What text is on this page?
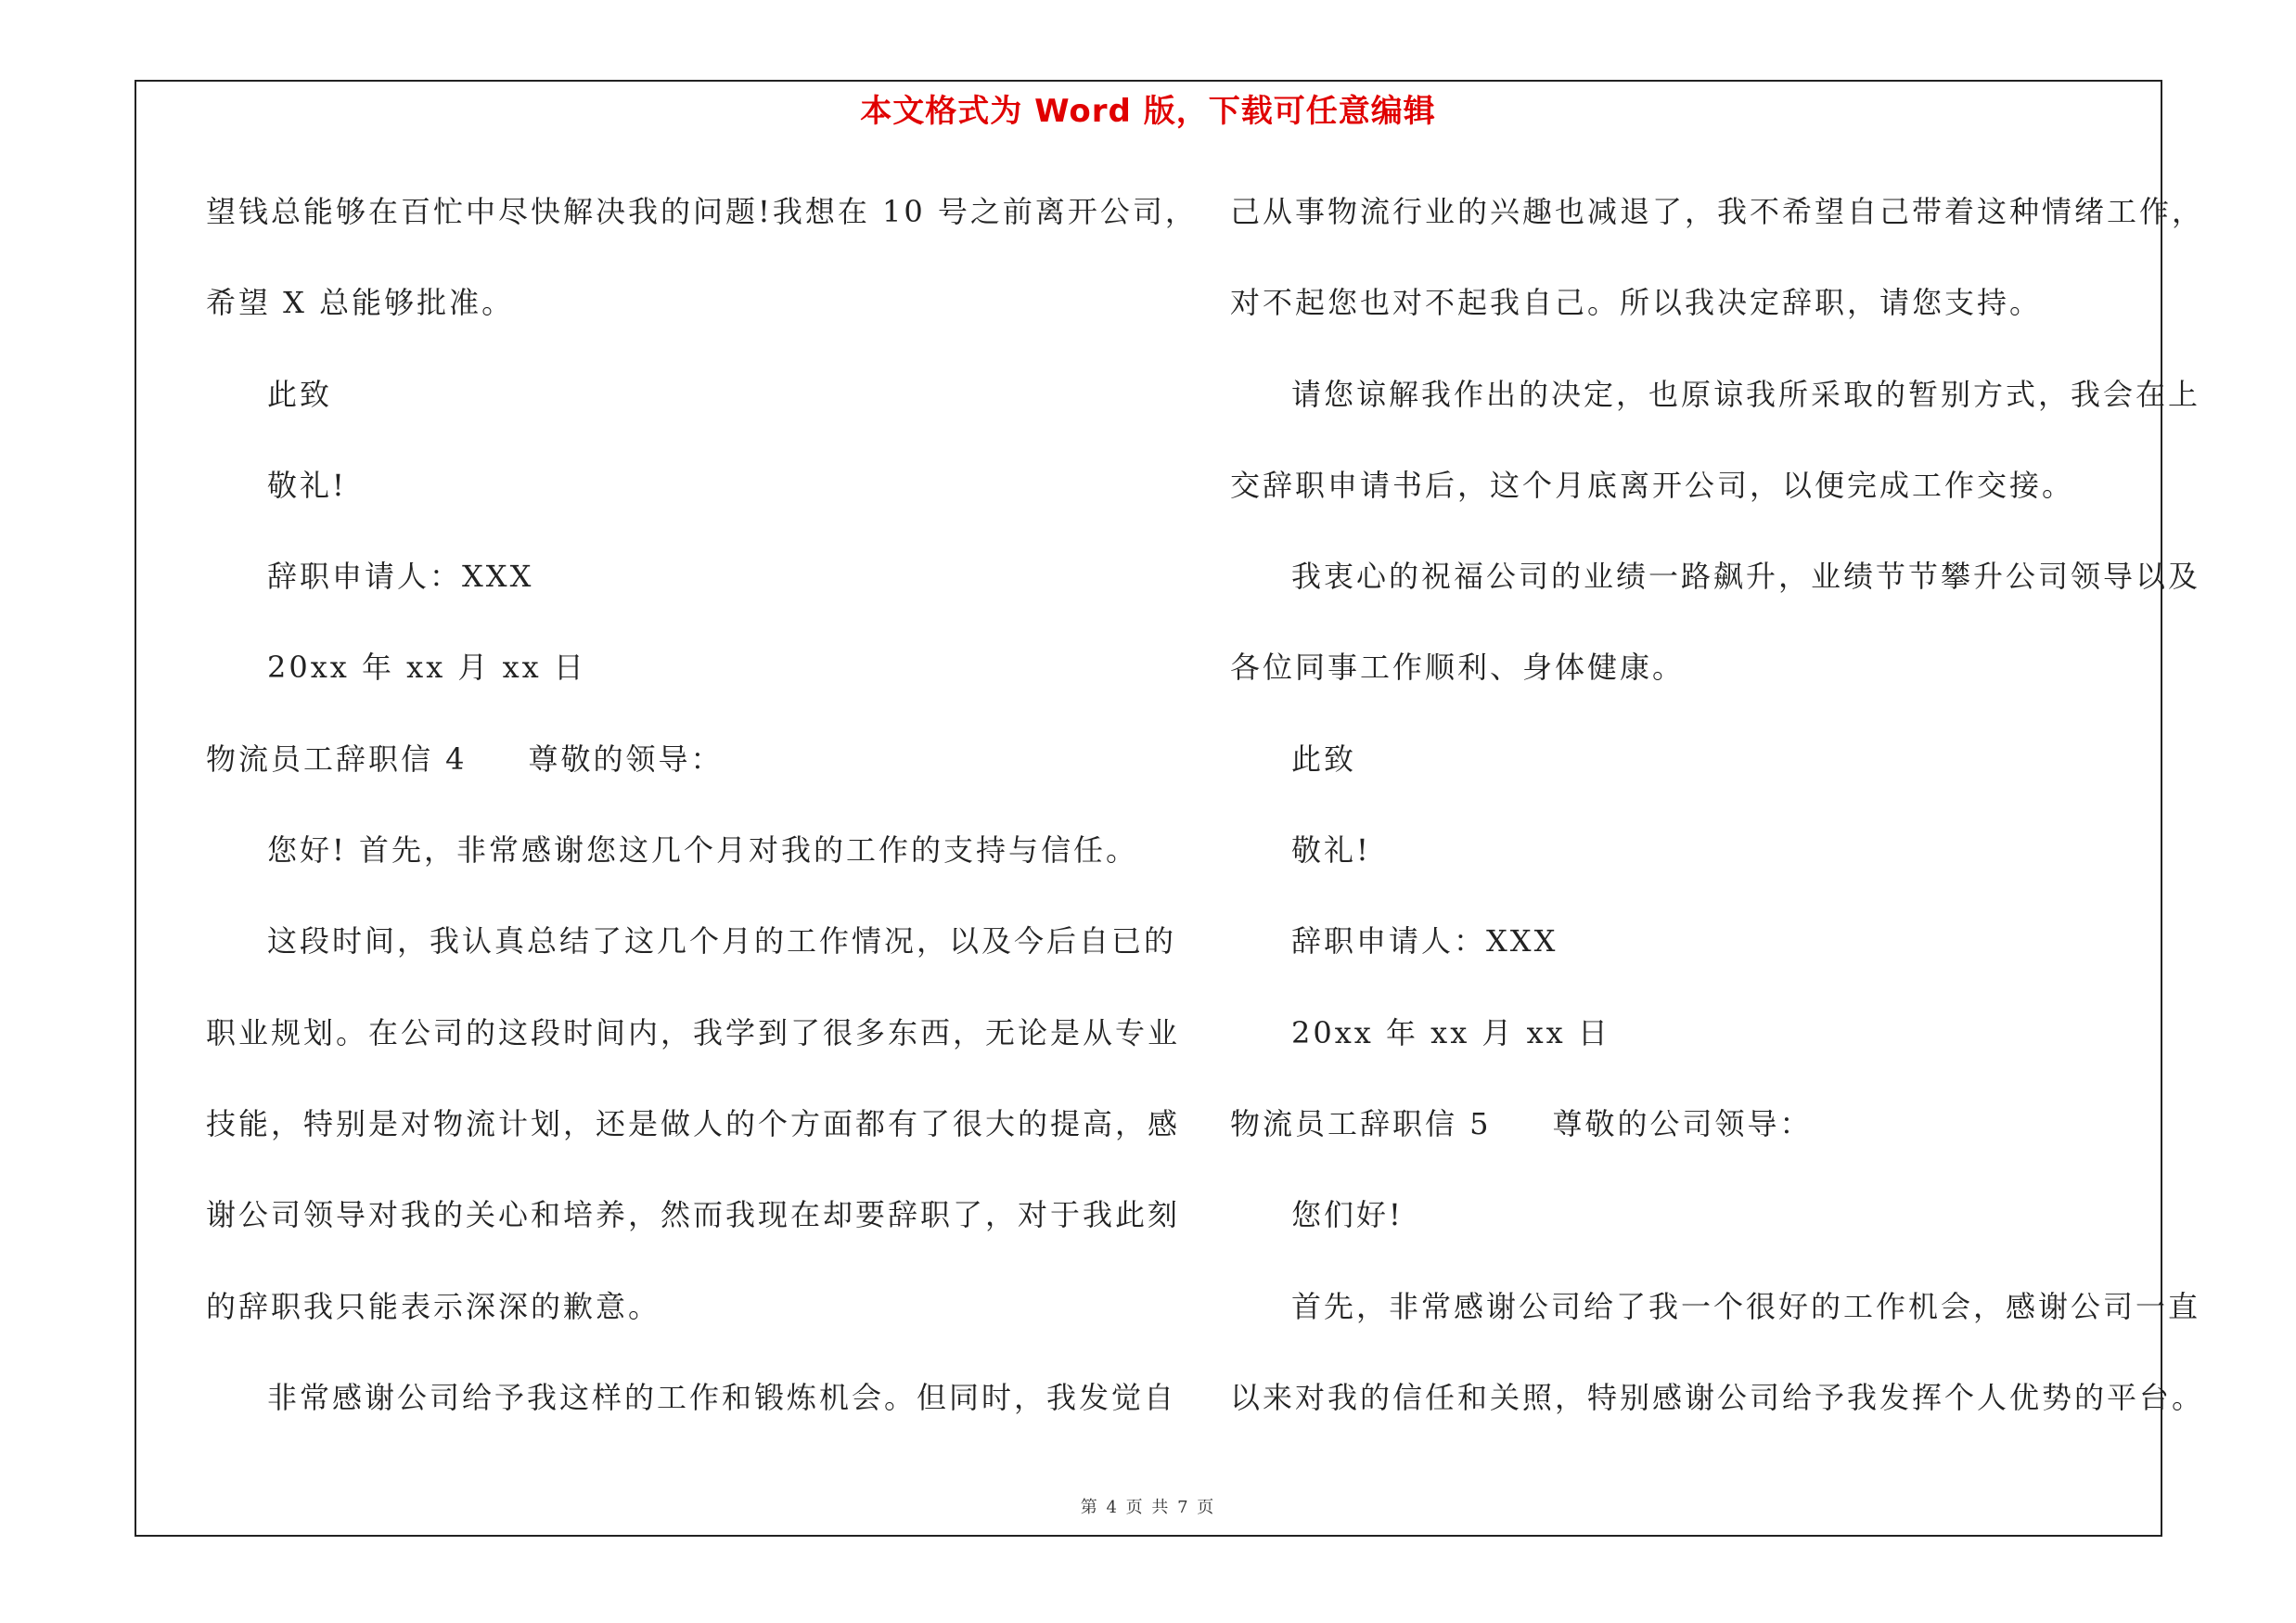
本文格式为 Word 版，下载可任意编辑
望钱总能够在百忙中尽快解决我的问题!我想在 10 号之前离开公司，
希望 X 总能够批准。
此致
敬礼!
辞职申请人：XXX
20xx 年 xx 月 xx 日
物流员工辞职信 4 尊敬的领导：
您好! 首先，非常感谢您这几个月对我的工作的支持与信任。
这段时间，我认真总结了这几个月的工作情况，以及今后自已的
职业规划。在公司的这段时间内，我学到了很多东西，无论是从专业
技能，特别是对物流计划，还是做人的个方面都有了很大的提高，感
谢公司领导对我的关心和培养，然而我现在却要辞职了，对于我此刻
的辞职我只能表示深深的歉意。
非常感谢公司给予我这样的工作和锻炼机会。但同时，我发觉自
己从事物流行业的兴趣也减退了，我不希望自己带着这种情绪工作，
对不起您也对不起我自己。所以我决定辞职，请您支持。
请您谅解我作出的决定，也原谅我所采取的暂别方式，我会在上
交辞职申请书后，这个月底离开公司，以便完成工作交接。
我衷心的祝福公司的业绩一路飙升，业绩节节攀升公司领导以及
各位同事工作顺利、身体健康。
此致
敬礼!
辞职申请人：XXX
20xx 年 xx 月 xx 日
物流员工辞职信 5 尊敬的公司领导：
您们好!
首先，非常感谢公司给了我一个很好的工作机会，感谢公司一直
以来对我的信任和关照，特别感谢公司给予我发挥个人优势的平台。
第 4 页 共 7 页
